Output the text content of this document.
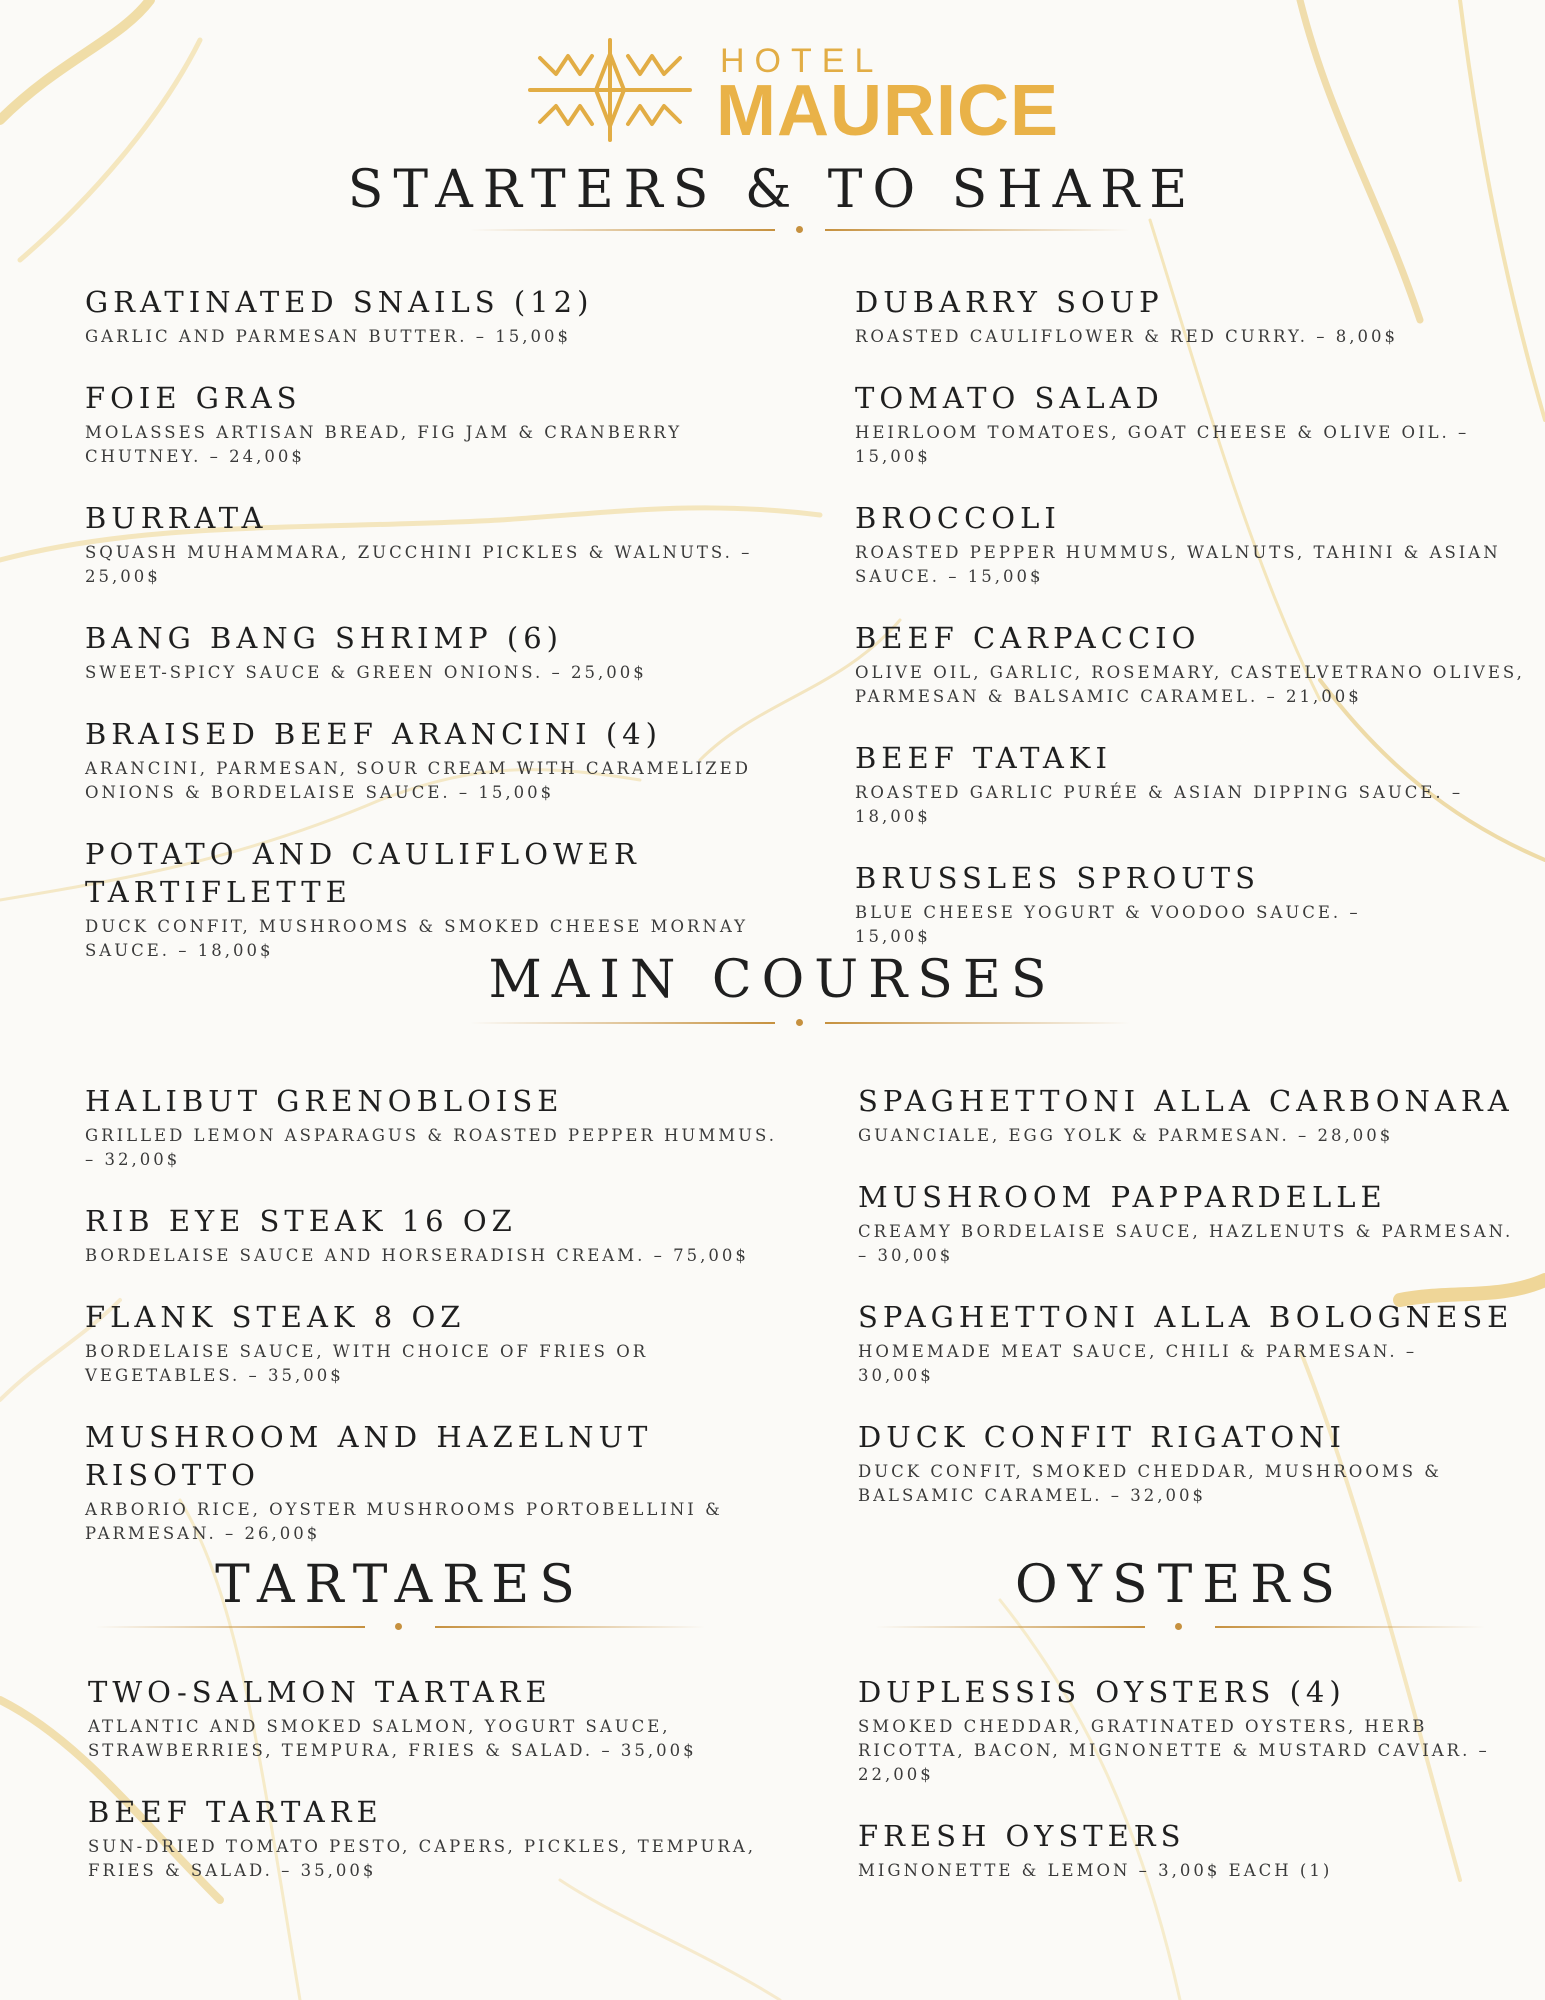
HOTEL
MAURICE
STARTERS & TO SHARE
GRATINATED SNAILS (12)
GARLIC AND PARMESAN BUTTER. – 15,00$
FOIE GRAS
MOLASSES ARTISAN BREAD, FIG JAM & CRANBERRY CHUTNEY. – 24,00$
BURRATA
SQUASH MUHAMMARA, ZUCCHINI PICKLES & WALNUTS. – 25,00$
BANG BANG SHRIMP (6)
SWEET-SPICY SAUCE & GREEN ONIONS. – 25,00$
BRAISED BEEF ARANCINI (4)
ARANCINI, PARMESAN, SOUR CREAM WITH CARAMELIZED ONIONS & BORDELAISE SAUCE. – 15,00$
POTATO AND CAULIFLOWER TARTIFLETTE
DUCK CONFIT, MUSHROOMS & SMOKED CHEESE MORNAY SAUCE. – 18,00$
DUBARRY SOUP
ROASTED CAULIFLOWER & RED CURRY. – 8,00$
TOMATO SALAD
HEIRLOOM TOMATOES, GOAT CHEESE & OLIVE OIL. – 15,00$
BROCCOLI
ROASTED PEPPER HUMMUS, WALNUTS, TAHINI & ASIAN SAUCE. – 15,00$
BEEF CARPACCIO
OLIVE OIL, GARLIC, ROSEMARY, CASTELVETRANO OLIVES, PARMESAN & BALSAMIC CARAMEL. – 21,00$
BEEF TATAKI
ROASTED GARLIC PURÉE & ASIAN DIPPING SAUCE. – 18,00$
BRUSSLES SPROUTS
BLUE CHEESE YOGURT & VOODOO SAUCE. – 15,00$
MAIN COURSES
HALIBUT GRENOBLOISE
GRILLED LEMON ASPARAGUS & ROASTED PEPPER HUMMUS. – 32,00$
RIB EYE STEAK 16 OZ
BORDELAISE SAUCE AND HORSERADISH CREAM. – 75,00$
FLANK STEAK 8 OZ
BORDELAISE SAUCE, WITH CHOICE OF FRIES OR VEGETABLES. – 35,00$
MUSHROOM AND HAZELNUT RISOTTO
ARBORIO RICE, OYSTER MUSHROOMS PORTOBELLINI & PARMESAN. – 26,00$
SPAGHETTONI ALLA CARBONARA
GUANCIALE, EGG YOLK & PARMESAN. – 28,00$
MUSHROOM PAPPARDELLE
CREAMY BORDELAISE SAUCE, HAZLENUTS & PARMESAN. – 30,00$
SPAGHETTONI ALLA BOLOGNESE
HOMEMADE MEAT SAUCE, CHILI & PARMESAN. – 30,00$
DUCK CONFIT RIGATONI
DUCK CONFIT, SMOKED CHEDDAR, MUSHROOMS & BALSAMIC CARAMEL. – 32,00$
TARTARES
TWO-SALMON TARTARE
ATLANTIC AND SMOKED SALMON, YOGURT SAUCE, STRAWBERRIES, TEMPURA, FRIES & SALAD. – 35,00$
BEEF TARTARE
SUN-DRIED TOMATO PESTO, CAPERS, PICKLES, TEMPURA, FRIES & SALAD. – 35,00$
OYSTERS
DUPLESSIS OYSTERS (4)
SMOKED CHEDDAR, GRATINATED OYSTERS, HERB RICOTTA, BACON, MIGNONETTE & MUSTARD CAVIAR. – 22,00$
FRESH OYSTERS
MIGNONETTE & LEMON – 3,00$ EACH (1)
